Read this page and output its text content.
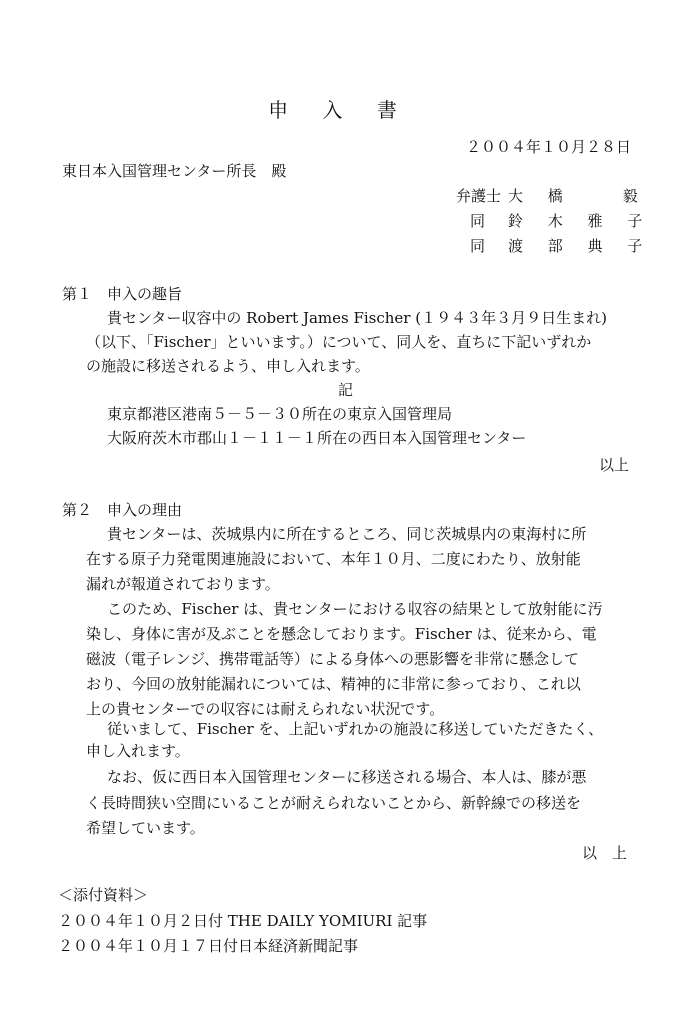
申 入 書
２００４年１０月２８日
東日本入国管理センター所長　殿
弁護士 大 橋　　毅
同 鈴 木 雅 子
同 渡 部 典 子
第１　申入の趣旨
貴センター収容中の Robert James Fischer (１９４３年３月９日生まれ)
（以下、「Fischer」といいます。）について、同人を、直ちに下記いずれか
の施設に移送されるよう、申し入れます。
記
東京都港区港南５－５－３０所在の東京入国管理局
大阪府茨木市郡山１－１１－１所在の西日本入国管理センター
以上
第２　申入の理由
貴センターは、茨城県内に所在するところ、同じ茨城県内の東海村に所
在する原子力発電関連施設において、本年１０月、二度にわたり、放射能
漏れが報道されております。
このため、Fischer は、貴センターにおける収容の結果として放射能に汚
染し、身体に害が及ぶことを懸念しております。Fischer は、従来から、電
磁波（電子レンジ、携帯電話等）による身体への悪影響を非常に懸念して
おり、今回の放射能漏れについては、精神的に非常に参っており、これ以
上の貴センターでの収容には耐えられない状況です。
従いまして、Fischer を、上記いずれかの施設に移送していただきたく、
申し入れます。
なお、仮に西日本入国管理センターに移送される場合、本人は、膝が悪
く長時間狭い空間にいることが耐えられないことから、新幹線での移送を
希望しています。
以　上
＜添付資料＞
２００４年１０月２日付 THE DAILY YOMIURI 記事
２００４年１０月１７日付日本経済新聞記事
